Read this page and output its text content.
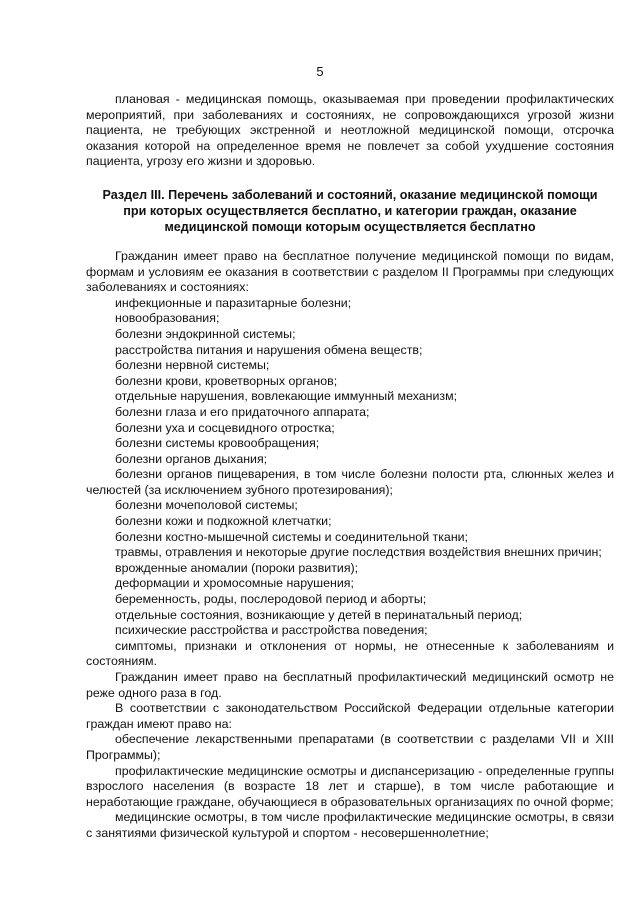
5

плановая - медицинская помощь, оказываемая при проведении профилактических мероприятий, при заболеваниях и состояниях, не сопровождающихся угрозой жизни пациента, не требующих экстренной и неотложной медицинской помощи, отсрочка оказания которой на определенное время не повлечет за собой ухудшение состояния пациента, угрозу его жизни и здоровью.

Раздел III. Перечень заболеваний и состояний, оказание медицинской помощи при которых осуществляется бесплатно, и категории граждан, оказание медицинской помощи которым осуществляется бесплатно

Гражданин имеет право на бесплатное получение медицинской помощи по видам, формам и условиям ее оказания в соответствии с разделом II Программы при следующих заболеваниях и состояниях:

инфекционные и паразитарные болезни;

новообразования;

болезни эндокринной системы;

расстройства питания и нарушения обмена веществ;

болезни нервной системы;

болезни крови, кроветворных органов;

отдельные нарушения, вовлекающие иммунный механизм;

болезни глаза и его придаточного аппарата;

болезни уха и сосцевидного отростка;

болезни системы кровообращения;

болезни органов дыхания;

болезни органов пищеварения, в том числе болезни полости рта, слюнных желез и челюстей (за исключением зубного протезирования);

болезни мочеполовой системы;

болезни кожи и подкожной клетчатки;

болезни костно-мышечной системы и соединительной ткани;

травмы, отравления и некоторые другие последствия воздействия внешних причин;

врожденные аномалии (пороки развития);

деформации и хромосомные нарушения;

беременность, роды, послеродовой период и аборты;

отдельные состояния, возникающие у детей в перинатальный период;

психические расстройства и расстройства поведения;

симптомы, признаки и отклонения от нормы, не отнесенные к заболеваниям и состояниям.

Гражданин имеет право на бесплатный профилактический медицинский осмотр не реже одного раза в год.

В соответствии с законодательством Российской Федерации отдельные категории граждан имеют право на:

обеспечение лекарственными препаратами (в соответствии с разделами VII и XIII Программы);

профилактические медицинские осмотры и диспансеризацию - определенные группы взрослого населения (в возрасте 18 лет и старше), в том числе работающие и неработающие граждане, обучающиеся в образовательных организациях по очной форме;

медицинские осмотры, в том числе профилактические медицинские осмотры, в связи с занятиями физической культурой и спортом - несовершеннолетние;
